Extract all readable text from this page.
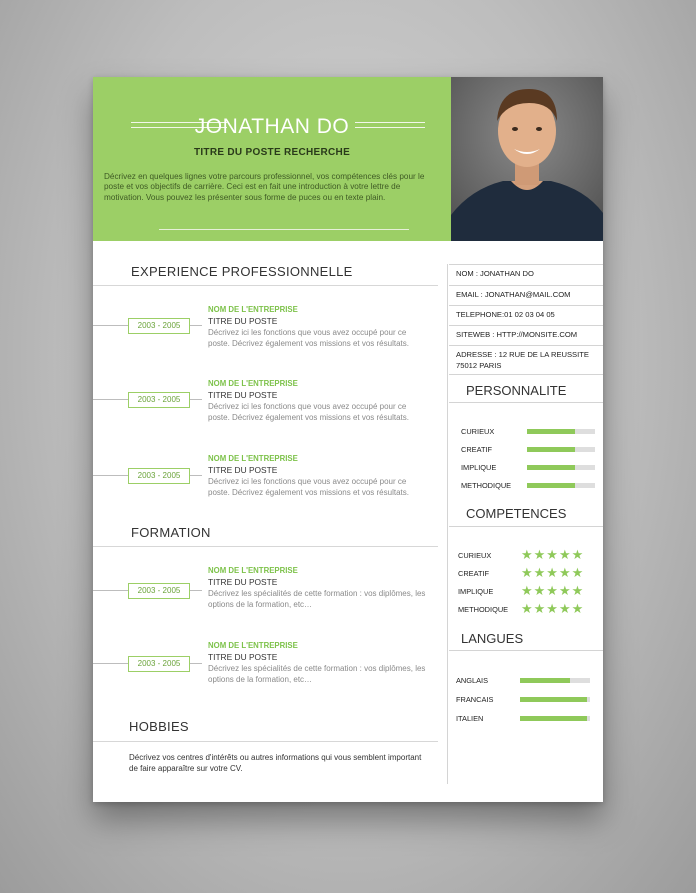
JONATHAN DO
TITRE DU POSTE RECHERCHE
Décrivez en quelques lignes votre parcours professionnel, vos compétences clés pour le poste et vos objectifs de carrière. Ceci est en fait une introduction à votre lettre de motivation. Vous pouvez les présenter sous forme de puces ou en texte plain.
EXPERIENCE PROFESSIONNELLE
2003 - 2005
NOM DE L'ENTREPRISE
TITRE DU POSTE
Décrivez ici les fonctions que vous avez occupé pour ce poste. Décrivez également vos missions et vos résultats.
2003 - 2005
NOM DE L'ENTREPRISE
TITRE DU POSTE
Décrivez ici les fonctions que vous avez occupé pour ce poste. Décrivez également vos missions et vos résultats.
2003 - 2005
NOM DE L'ENTREPRISE
TITRE DU POSTE
Décrivez ici les fonctions que vous avez occupé pour ce poste. Décrivez également vos missions et vos résultats.
FORMATION
2003 - 2005
NOM DE L'ENTREPRISE
TITRE DU POSTE
Décrivez les spécialités de cette formation : vos diplômes, les options de la formation, etc…
2003 - 2005
NOM DE L'ENTREPRISE
TITRE DU POSTE
Décrivez les spécialités de cette formation : vos diplômes, les options de la formation, etc…
HOBBIES
Décrivez vos centres d'intérêts ou autres informations qui vous semblent important de faire apparaître sur votre CV.
NOM : JONATHAN DO
EMAIL : JONATHAN@MAIL.COM
TELEPHONE:01 02 03 04 05
SITEWEB : HTTP://MONSITE.COM
ADRESSE : 12 RUE DE LA REUSSITE 75012 PARIS
PERSONNALITE
CURIEUX
CREATIF
IMPLIQUE
METHODIQUE
COMPETENCES
CURIEUX ★★★★★
CREATIF ★★★★★
IMPLIQUE ★★★★★
METHODIQUE ★★★★★
LANGUES
ANGLAIS
FRANCAIS
ITALIEN
